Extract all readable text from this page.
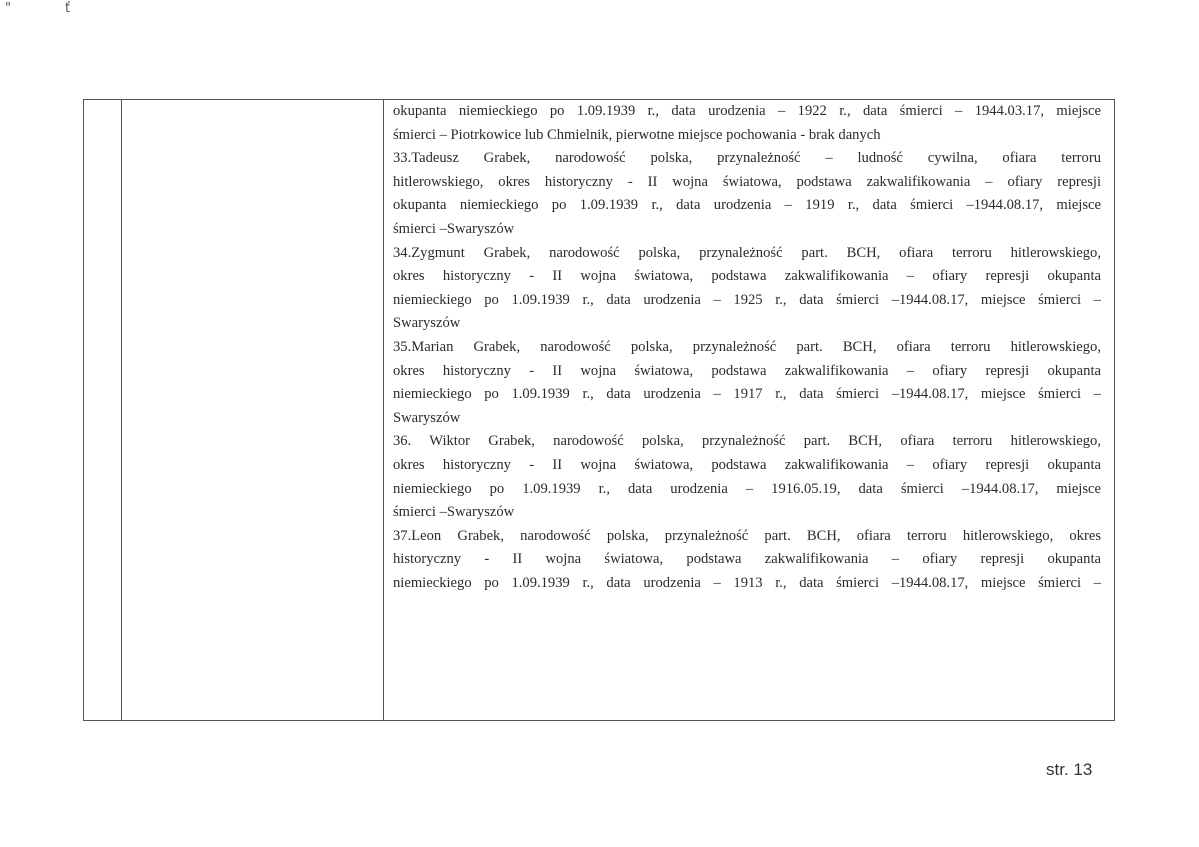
"	ť
okupanta niemieckiego po 1.09.1939 r., data urodzenia – 1922 r., data śmierci – 1944.03.17, miejsce
śmierci – Piotrkowice lub Chmielnik, pierwotne miejsce pochowania - brak danych
33.Tadeusz Grabek, narodowość polska, przynależność – ludność cywilna, ofiara terroru
hitlerowskiego, okres historyczny - II wojna światowa, podstawa zakwalifikowania – ofiary represji
okupanta niemieckiego po 1.09.1939 r., data urodzenia – 1919 r., data śmierci –1944.08.17, miejsce
śmierci –Swaryszów
34.Zygmunt Grabek, narodowość polska, przynależność part. BCH, ofiara terroru hitlerowskiego,
okres historyczny - II wojna światowa, podstawa zakwalifikowania – ofiary represji okupanta
niemieckiego po 1.09.1939 r., data urodzenia – 1925 r., data śmierci –1944.08.17, miejsce śmierci –
Swaryszów
35.Marian Grabek, narodowość polska, przynależność part. BCH, ofiara terroru hitlerowskiego,
okres historyczny - II wojna światowa, podstawa zakwalifikowania – ofiary represji okupanta
niemieckiego po 1.09.1939 r., data urodzenia – 1917 r., data śmierci –1944.08.17, miejsce śmierci –
Swaryszów
36. Wiktor Grabek, narodowość polska, przynależność part. BCH, ofiara terroru hitlerowskiego,
okres historyczny - II wojna światowa, podstawa zakwalifikowania – ofiary represji okupanta
niemieckiego po 1.09.1939 r., data urodzenia – 1916.05.19, data śmierci –1944.08.17, miejsce
śmierci –Swaryszów
37.Leon Grabek, narodowość polska, przynależność part. BCH, ofiara terroru hitlerowskiego, okres
historyczny - II wojna światowa, podstawa zakwalifikowania – ofiary represji okupanta
niemieckiego po 1.09.1939 r., data urodzenia – 1913 r., data śmierci –1944.08.17, miejsce śmierci –
str. 13
